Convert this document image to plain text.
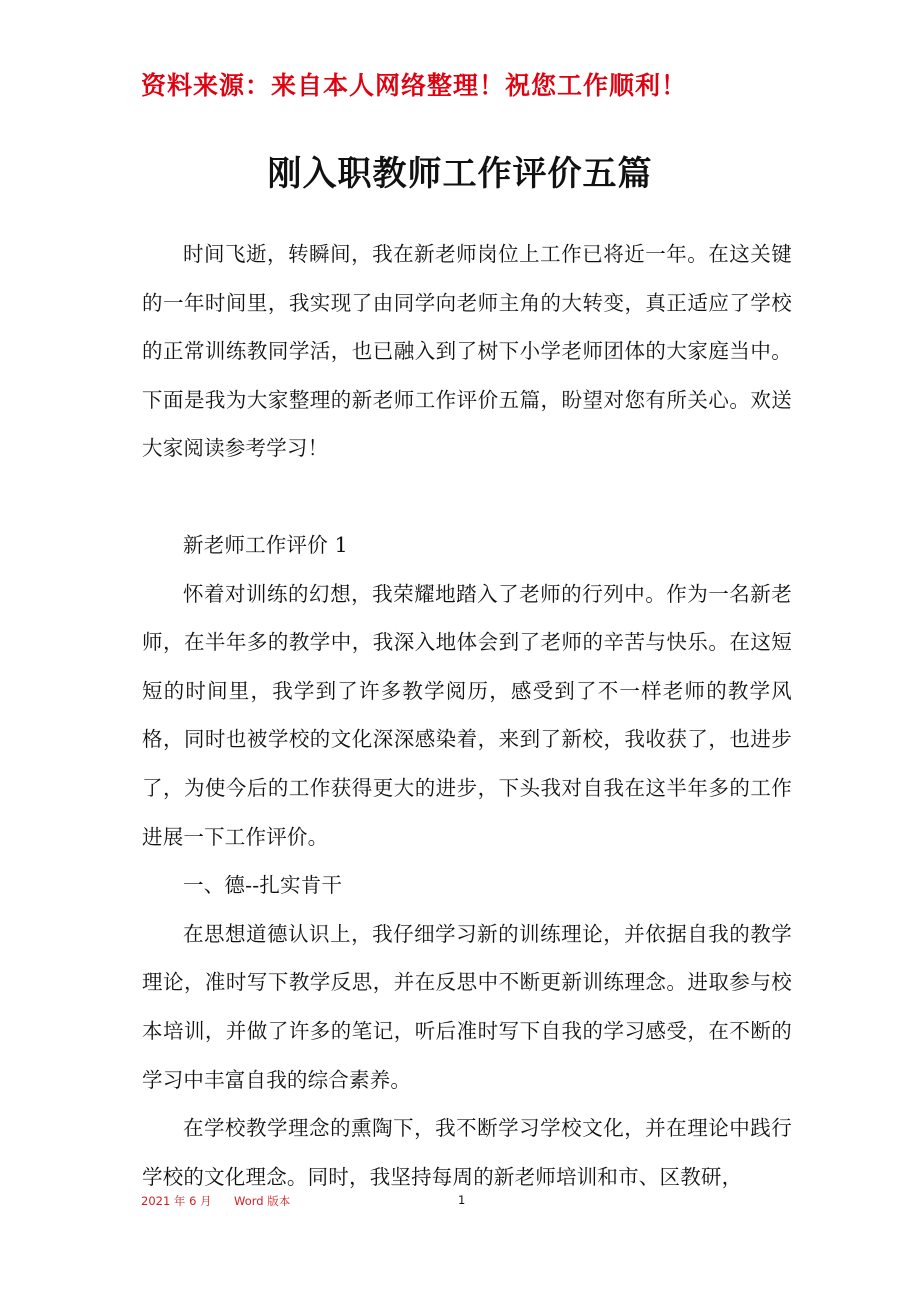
资料来源：来自本人网络整理！祝您工作顺利！
刚入职教师工作评价五篇

时间飞逝，转瞬间，我在新老师岗位上工作已将近一年。在这关键的一年时间里，我实现了由同学向老师主角的大转变，真正适应了学校的正常训练教同学活，也已融入到了树下小学老师团体的大家庭当中。下面是我为大家整理的新老师工作评价五篇，盼望对您有所关心。欢送大家阅读参考学习！

新老师工作评价 1

怀着对训练的幻想，我荣耀地踏入了老师的行列中。作为一名新老师，在半年多的教学中，我深入地体会到了老师的辛苦与快乐。在这短短的时间里，我学到了许多教学阅历，感受到了不一样老师的教学风格，同时也被学校的文化深深感染着，来到了新校，我收获了，也进步了，为使今后的工作获得更大的进步，下头我对自我在这半年多的工作进展一下工作评价。

一、德--扎实肯干

在思想道德认识上，我仔细学习新的训练理论，并依据自我的教学理论，准时写下教学反思，并在反思中不断更新训练理念。进取参与校本培训，并做了许多的笔记，听后准时写下自我的学习感受，在不断的学习中丰富自我的综合素养。

在学校教学理念的熏陶下，我不断学习学校文化，并在理论中践行学校的文化理念。同时，我坚持每周的新老师培训和市、区教研，

2021 年 6 月 Word 版本	1
